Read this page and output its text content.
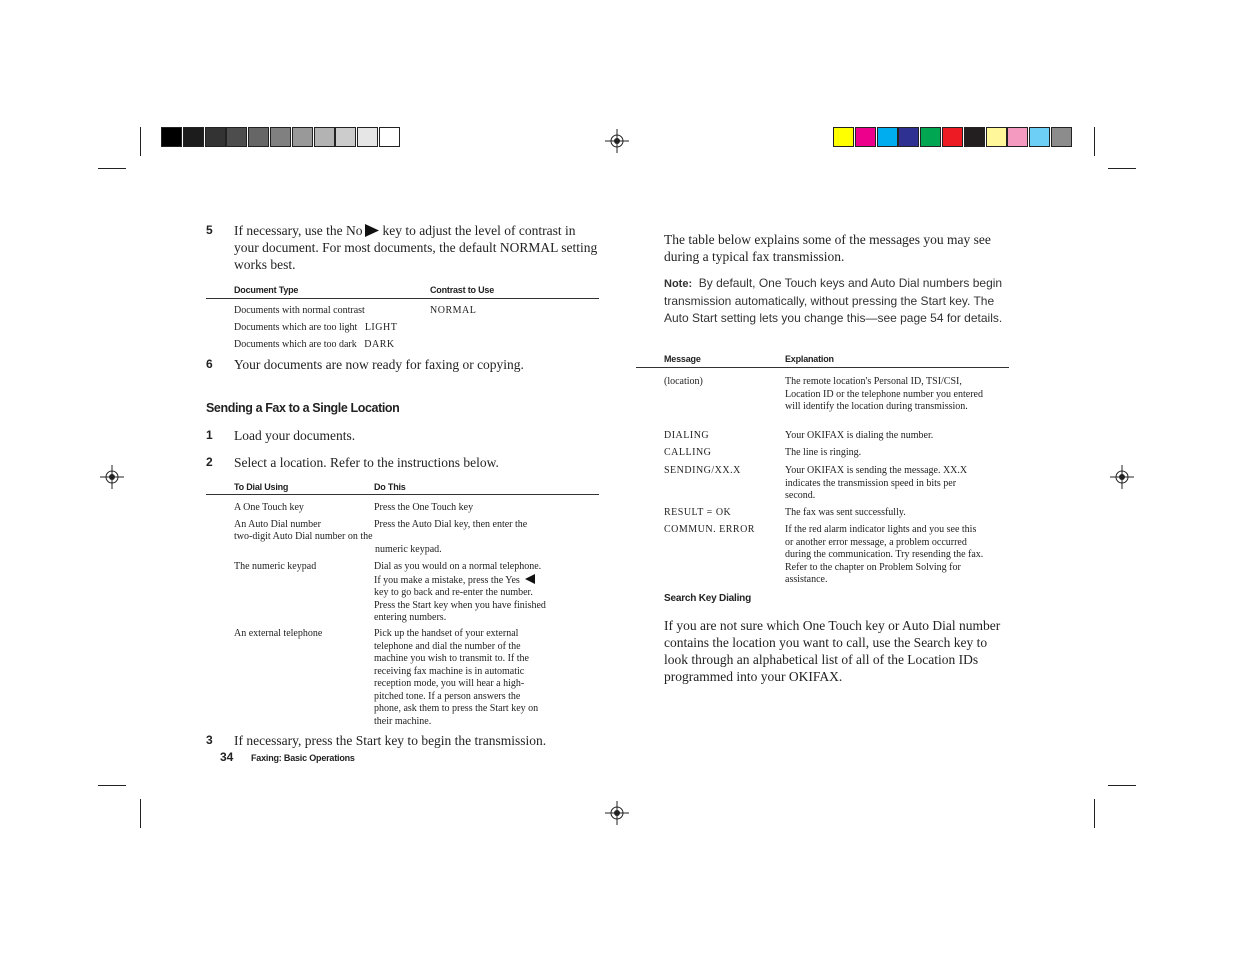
5 If necessary, use the No key to adjust the level of contrast in your document. For most documents, the default NORMAL setting works best.
Document Type	Contrast to Use
Documents with normal contrast	NORMAL
Documents which are too light LIGHT
Documents which are too dark DARK
6 Your documents are now ready for faxing or copying.
Sending a Fax to a Single Location
1 Load your documents.
2 Select a location. Refer to the instructions below.
To Dial Using	Do This
A One Touch key	Press the One Touch key
An Auto Dial number	Press the Auto Dial key, then enter the
two-digit Auto Dial number on the
numeric keypad.
The numeric keypad	Dial as you would on a normal telephone.
If you make a mistake, press the Yes
key to go back and re-enter the number. Press the Start key when you have finished entering numbers.
An external telephone	Pick up the handset of your external telephone and dial the number of the machine you wish to transmit to. If the receiving fax machine is in automatic reception mode, you will hear a high-pitched tone. If a person answers the phone, ask them to press the Start key on their machine.
3 If necessary, press the Start key to begin the transmission.
34 Faxing: Basic Operations
The table below explains some of the messages you may see during a typical fax transmission.
Note: By default, One Touch keys and Auto Dial numbers begin transmission automatically, without pressing the Start key. The Auto Start setting lets you change this—see page 54 for details.
Message	Explanation
(location)	The remote location's Personal ID, TSI/CSI, Location ID or the telephone number you entered will identify the location during transmission.
DIALING	Your OKIFAX is dialing the number.
CALLING	The line is ringing.
SENDING/XX.X	Your OKIFAX is sending the message. XX.X indicates the transmission speed in bits per second.
RESULT = OK	The fax was sent successfully.
COMMUN. ERROR	If the red alarm indicator lights and you see this or another error message, a problem occurred during the communication. Try resending the fax. Refer to the chapter on Problem Solving for assistance.
Search Key Dialing
If you are not sure which One Touch key or Auto Dial number contains the location you want to call, use the Search key to look through an alphabetical list of all of the Location IDs programmed into your OKIFAX.
